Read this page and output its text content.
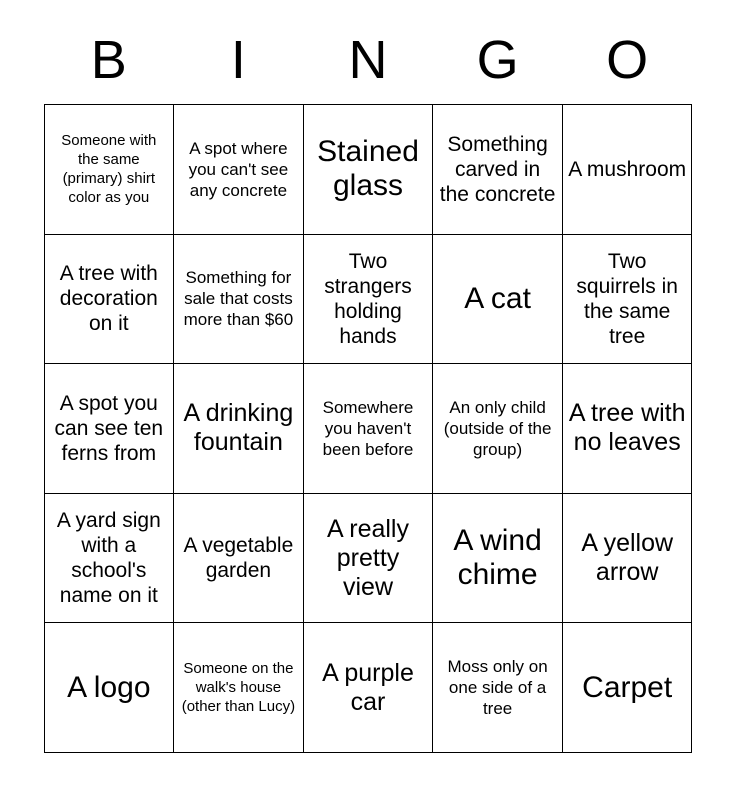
B	I	N	G	O
Someone with the same (primary) shirt color as you	A spot where you can't see any concrete	Stained glass	Something carved in the concrete	A mushroom
A tree with decoration on it	Something for sale that costs more than $60	Two strangers holding hands	A cat	Two squirrels in the same tree
A spot you can see ten ferns from	A drinking fountain	Somewhere you haven't been before	An only child (outside of the group)	A tree with no leaves
A yard sign with a school's name on it	A vegetable garden	A really pretty view	A wind chime	A yellow arrow
A logo	Someone on the walk's house (other than Lucy)	A purple car	Moss only on one side of a tree	Carpet
